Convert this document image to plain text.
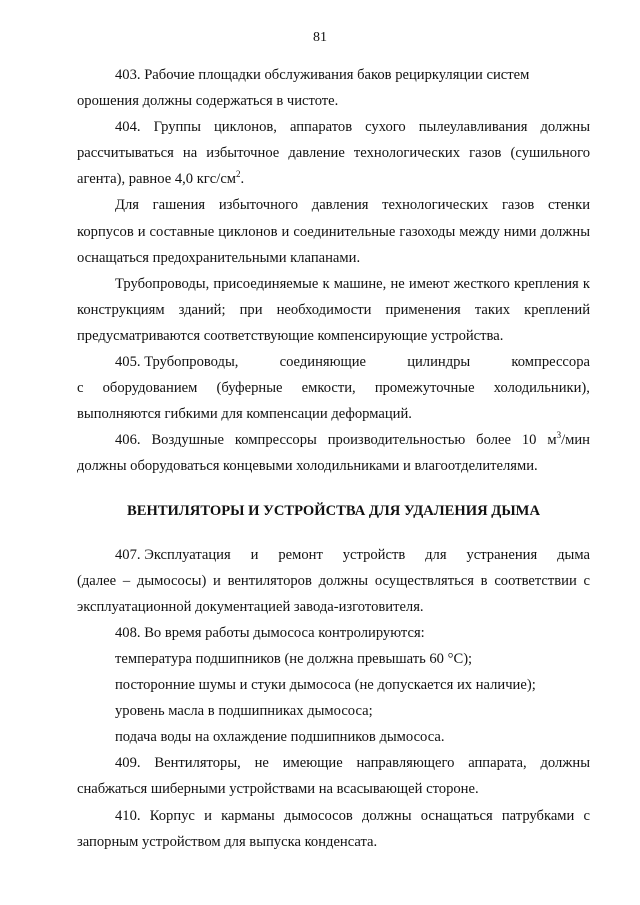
81

403. Рабочие площадки обслуживания баков рециркуляции систем

орошения должны содержаться в чистоте.

404. Группы циклонов, аппаратов сухого пылеулавливания должны рассчитываться на избыточное давление технологических газов (сушильного агента), равное 4,0 кгс/$см^2$.

Для гашения избыточного давления технологических газов стенки корпусов и составные циклонов и соединительные газоходы между ними должны оснащаться предохранительными клапанами.

Трубопроводы, присоединяемые к машине, не имеют жесткого крепления к конструкциям зданий; при необходимости применения таких креплений предусматриваются соответствующие компенсирующие устройства.

405. Трубопроводы,	соединяющие	цилиндры	компрессора
с оборудованием (буферные емкости, промежуточные холодильники),

выполняются гибкими для компенсации деформаций.

406. Воздушные компрессоры производительностью более 10 $м^3$/мин

должны оборудоваться концевыми холодильниками и влагоотделителями.

ВЕНТИЛЯТОРЫ И УСТРОЙСТВА ДЛЯ УДАЛЕНИЯ ДЫМА

407. Эксплуатация и ремонт устройств для устранения дыма

(далее – дымососы) и вентиляторов должны осуществляться в соответствии с эксплуатационной документацией завода-изготовителя.

408. Во время работы дымососа контролируются:

температура подшипников (не должна превышать 60 °С);

посторонние шумы и стуки дымососа (не допускается их наличие);

уровень масла в подшипниках дымососа;

подача воды на охлаждение подшипников дымососа.

409. Вентиляторы, не имеющие направляющего аппарата, должны снабжаться шиберными устройствами на всасывающей стороне.

410. Корпус и карманы дымососов должны оснащаться патрубками с запорным устройством для выпуска конденсата.
